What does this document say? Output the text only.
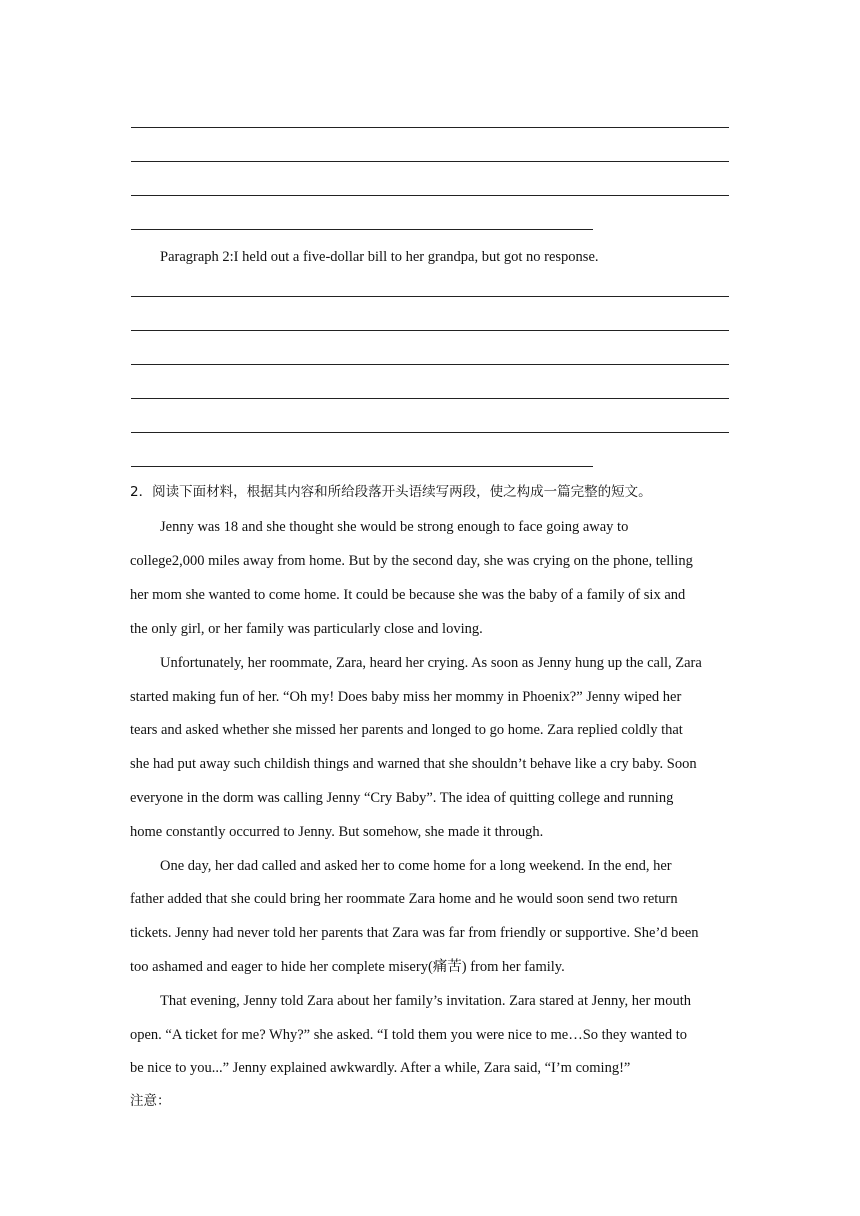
Paragraph 2:I held out a five-dollar bill to her grandpa, but got no response.
2．阅读下面材料，根据其内容和所给段落开头语续写两段，使之构成一篇完整的短文。
Jenny was 18 and she thought she would be strong enough to face going away to
college2,000 miles away from home. But by the second day, she was crying on the phone, telling
her mom she wanted to come home. It could be because she was the baby of a family of six and
the only girl, or her family was particularly close and loving.
Unfortunately, her roommate, Zara, heard her crying. As soon as Jenny hung up the call, Zara
started making fun of her. “Oh my! Does baby miss her mommy in Phoenix?” Jenny wiped her
tears and asked whether she missed her parents and longed to go home. Zara replied coldly that
she had put away such childish things and warned that she shouldn’t behave like a cry baby. Soon
everyone in the dorm was calling Jenny “Cry Baby”. The idea of quitting college and running
home constantly occurred to Jenny. But somehow, she made it through.
One day, her dad called and asked her to come home for a long weekend. In the end, her
father added that she could bring her roommate Zara home and he would soon send two return
tickets. Jenny had never told her parents that Zara was far from friendly or supportive. She’d been
too ashamed and eager to hide her complete misery(痛苦) from her family.
That evening, Jenny told Zara about her family’s invitation. Zara stared at Jenny, her mouth
open. “A ticket for me? Why?” she asked. “I told them you were nice to me…So they wanted to
be nice to you...” Jenny explained awkwardly. After a while, Zara said, “I’m coming!”
注意：
